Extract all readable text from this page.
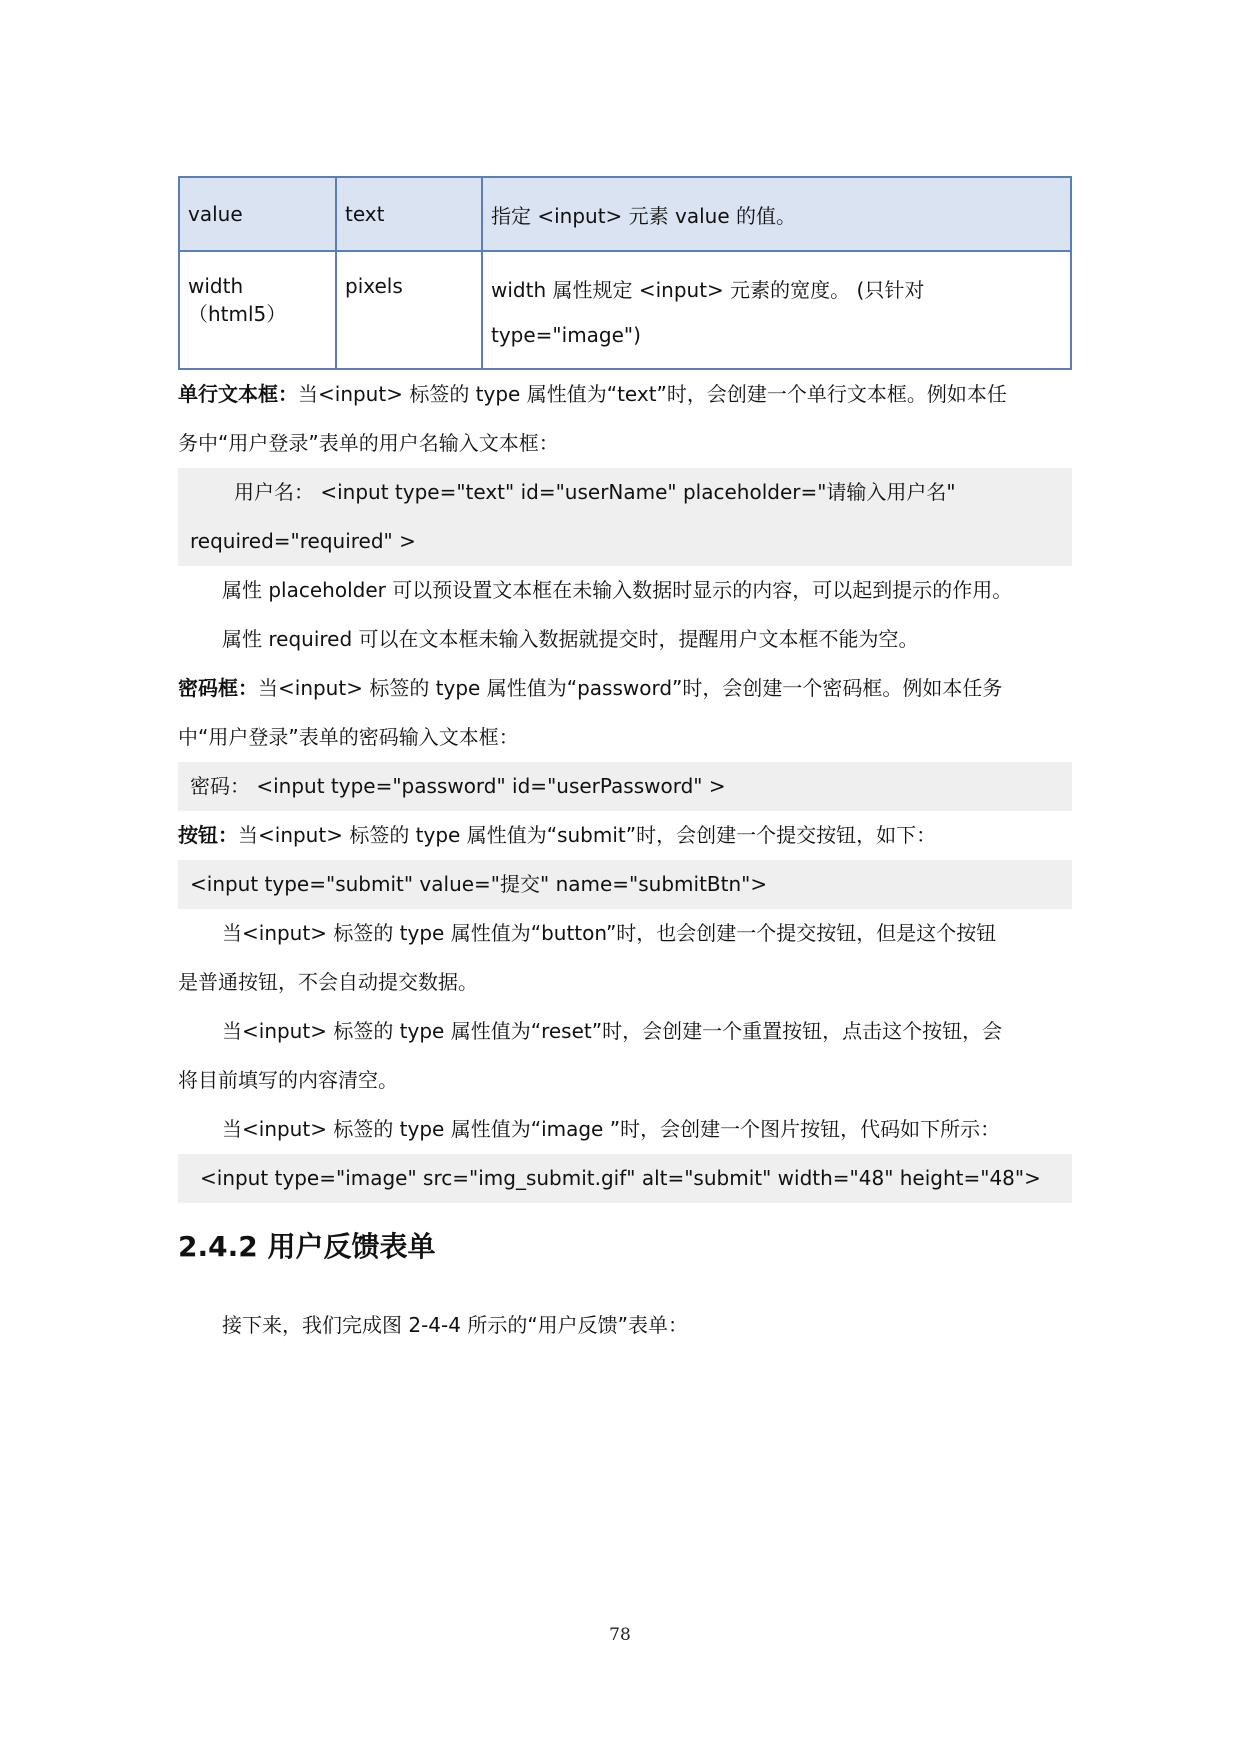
value	text	指定 <input> 元素 value 的值。
width（html5）	pixels	width 属性规定 <input> 元素的宽度。 (只针对
type="image")

单行文本框：当<input> 标签的 type 属性值为“text”时，会创建一个单行文本框。例如本任

务中“用户登录”表单的用户名输入文本框：

用户名： <input type="text" id="userName" placeholder="请输入用户名"
required="required" >

属性 placeholder 可以预设置文本框在未输入数据时显示的内容，可以起到提示的作用。

属性 required 可以在文本框未输入数据就提交时，提醒用户文本框不能为空。

密码框：当<input> 标签的 type 属性值为“password”时，会创建一个密码框。例如本任务

中“用户登录”表单的密码输入文本框：

密码： <input type="password" id="userPassword" >

按钮：当<input> 标签的 type 属性值为“submit”时，会创建一个提交按钮，如下：

<input type="submit" value="提交" name="submitBtn">

当<input> 标签的 type 属性值为“button”时，也会创建一个提交按钮，但是这个按钮

是普通按钮，不会自动提交数据。

当<input> 标签的 type 属性值为“reset”时，会创建一个重置按钮，点击这个按钮，会

将目前填写的内容清空。

当<input> 标签的 type 属性值为“image ”时，会创建一个图片按钮，代码如下所示：

<input type="image" src="img_submit.gif" alt="submit" width="48" height="48">
2.4.2 用户反馈表单

接下来，我们完成图 2-4-4 所示的“用户反馈”表单：

78
